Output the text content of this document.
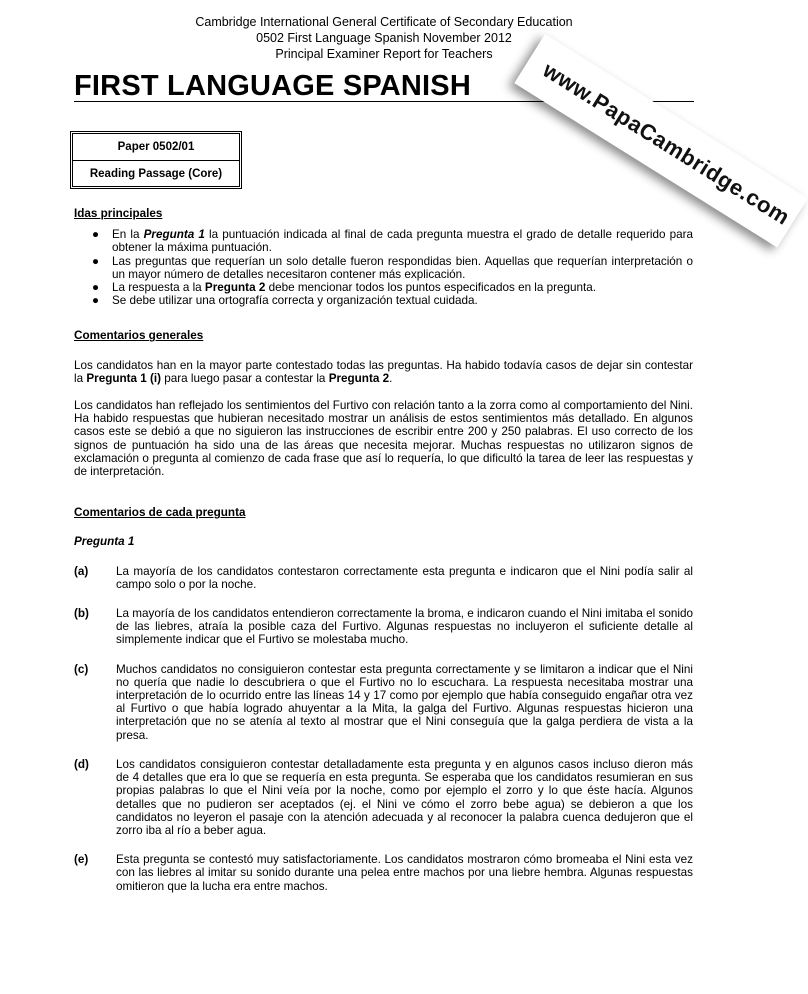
Cambridge International General Certificate of Secondary Education
0502 First Language Spanish November 2012
Principal Examiner Report for Teachers
FIRST LANGUAGE SPANISH
Paper 0502/01
Reading Passage (Core)

Idas principales

● En la Pregunta 1 la puntuación indicada al final de cada pregunta muestra el grado de detalle requerido para obtener la máxima puntuación.
● Las preguntas que requerían un solo detalle fueron respondidas bien. Aquellas que requerían interpretación o un mayor número de detalles necesitaron contener más explicación.
● La respuesta a la Pregunta 2 debe mencionar todos los puntos especificados en la pregunta.
● Se debe utilizar una ortografía correcta y organización textual cuidada.

Comentarios generales

Los candidatos han en la mayor parte contestado todas las preguntas. Ha habido todavía casos de dejar sin contestar la Pregunta 1 (i) para luego pasar a contestar la Pregunta 2.

Los candidatos han reflejado los sentimientos del Furtivo con relación tanto a la zorra como al comportamiento del Nini. Ha habido respuestas que hubieran necesitado mostrar un análisis de estos sentimientos más detallado. En algunos casos este se debió a que no siguieron las instrucciones de escribir entre 200 y 250 palabras. El uso correcto de los signos de puntuación ha sido una de las áreas que necesita mejorar. Muchas respuestas no utilizaron signos de exclamación o pregunta al comienzo de cada frase que así lo requería, lo que dificultó la tarea de leer las respuestas y de interpretación.

Comentarios de cada pregunta

Pregunta 1

(a)	La mayoría de los candidatos contestaron correctamente esta pregunta e indicaron que el Nini podía salir al campo solo o por la noche.
(b)	La mayoría de los candidatos entendieron correctamente la broma, e indicaron cuando el Nini imitaba el sonido de las liebres, atraía la posible caza del Furtivo. Algunas respuestas no incluyeron el suficiente detalle al simplemente indicar que el Furtivo se molestaba mucho.
(c)	Muchos candidatos no consiguieron contestar esta pregunta correctamente y se limitaron a indicar que el Nini no quería que nadie lo descubriera o que el Furtivo no lo escuchara. La respuesta necesitaba mostrar una interpretación de lo ocurrido entre las líneas 14 y 17 como por ejemplo que había conseguido engañar otra vez al Furtivo o que había logrado ahuyentar a la Mita, la galga del Furtivo. Algunas respuestas hicieron una interpretación que no se atenía al texto al mostrar que el Nini conseguía que la galga perdiera de vista a la presa.
(d)	Los candidatos consiguieron contestar detalladamente esta pregunta y en algunos casos incluso dieron más de 4 detalles que era lo que se requería en esta pregunta. Se esperaba que los candidatos resumieran en sus propias palabras lo que el Nini veía por la noche, como por ejemplo el zorro y lo que éste hacía. Algunos detalles que no pudieron ser aceptados (ej. el Nini ve cómo el zorro bebe agua) se debieron a que los candidatos no leyeron el pasaje con la atención adecuada y al reconocer la palabra cuenca dedujeron que el zorro iba al río a beber agua.
(e)	Esta pregunta se contestó muy satisfactoriamente. Los candidatos mostraron cómo bromeaba el Nini esta vez con las liebres al imitar su sonido durante una pelea entre machos por una liebre hembra. Algunas respuestas omitieron que la lucha era entre machos.
www.PapaCambridge.com
